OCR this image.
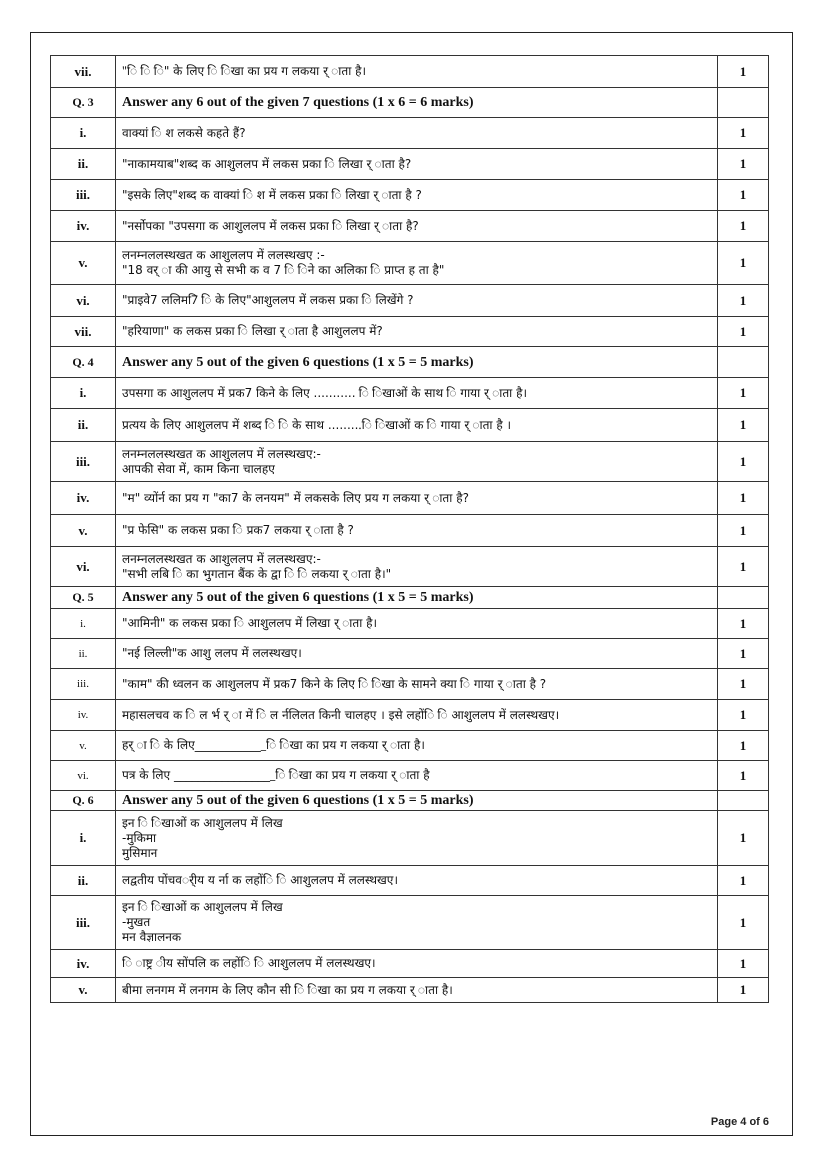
vii.	"ि ि ि" के लिए ि िखा का प्रय ग लकया र् ाता है।	1
Q. 3	Answer any 6 out of the given 7 questions (1 x 6 = 6 marks)	

i.	वाक्यां ि श लकसे कहते हैं?	1
ii.	"नाकामयाब"शब्द क आशुललप में लकस प्रका ि लिखा र् ाता है?	1
iii.	"इसके लिए"शब्द क वाक्यां ि श में लकस प्रका ि लिखा र् ाता है ?	1
iv.	"नर्सोपका "उपसगा क आशुललप में लकस प्रका ि लिखा र् ाता है?	1
v.	लनम्नललस्थखत क आशुललप में ललस्थखए :-
"18 वर् ा की आयु से सभी क व 7 ि िने का अलिका ि प्राप्त ह ता है"	1
vi.	"प्राइवे7 ललिम7ि ि के लिए"आशुललप में लकस प्रका ि लिखेंगे ?	1
vii.	"हरियाणा" क लकस प्रका ि लिखा र् ाता है आशुललप में?	1
Q. 4	Answer any 5 out of the given 6 questions (1 x 5 = 5 marks)	

i.	उपसगा क आशुललप में प्रक7 किने के लिए ........... ि िखाओं के साथ ि गाया र् ाता है।	1
ii.	प्रत्यय के लिए आशुललप में शब्द ि ि के साथ .........ि िखाओं क ि गाया र् ाता है ।	1
iii.	लनम्नललस्थखत क आशुललप में ललस्थखए:-
आपकी सेवा में, काम किना चालहए	1
iv.	"म" व्योंर्न का प्रय ग "का7 के लनयम" में लकसके लिए प्रय ग लकया र् ाता है?	1
v.	"प्र फेसि" क लकस प्रका ि प्रक7 लकया र् ाता है ?	1
vi.	लनम्नललस्थखत क आशुललप में ललस्थखए:-
"सभी लबि ि का भुगतान बैंक के द्वा ि ि लकया र् ाता है।"	1
Q. 5	Answer any 5 out of the given 6 questions (1 x 5 = 5 marks)	

i.	"आमिनी" क लकस प्रका ि आशुललप में लिखा र् ाता है।	1
ii.	"नई लिल्ली"क आशु ललप में ललस्थखए।	1
iii.	"काम" की ध्वलन क आशुललप में प्रक7 किने के लिए ि िखा के सामने क्या ि गाया र् ाता है ?	1
iv.	महासलचव क ि ल र्भ र् ा में ि ल र्नलिलत किनी चालहए । इसे लहोंि ि आशुललप में ललस्थखए।	1
v.	हर् ा ि के लिए____________ि िखा का प्रय ग लकया र् ाता है।	1
vi.	पत्र के लिए _________________ि िखा का प्रय ग लकया र् ाता है	1
Q. 6	Answer any 5 out of the given 6 questions (1 x 5 = 5 marks)	

i.	इन ि िखाओं क आशुललप में लिख
-मुकिमा
मुसिमान	1
ii.	लद्वतीय पोंचवर्ीय य र्ना क लहोंि ि आशुललप में ललस्थखए।	1
iii.	इन ि िखाओं क आशुललप में लिख
-मुखत
मन वैज्ञालनक	1
iv.	ि ाष्ट्र ीय सोंपलि क लहोंि ि आशुललप में ललस्थखए।	1
v.	बीमा लनगम में लनगम के लिए कौन सी ि िखा का प्रय ग लकया र् ाता है।	1
Page 4 of 6
